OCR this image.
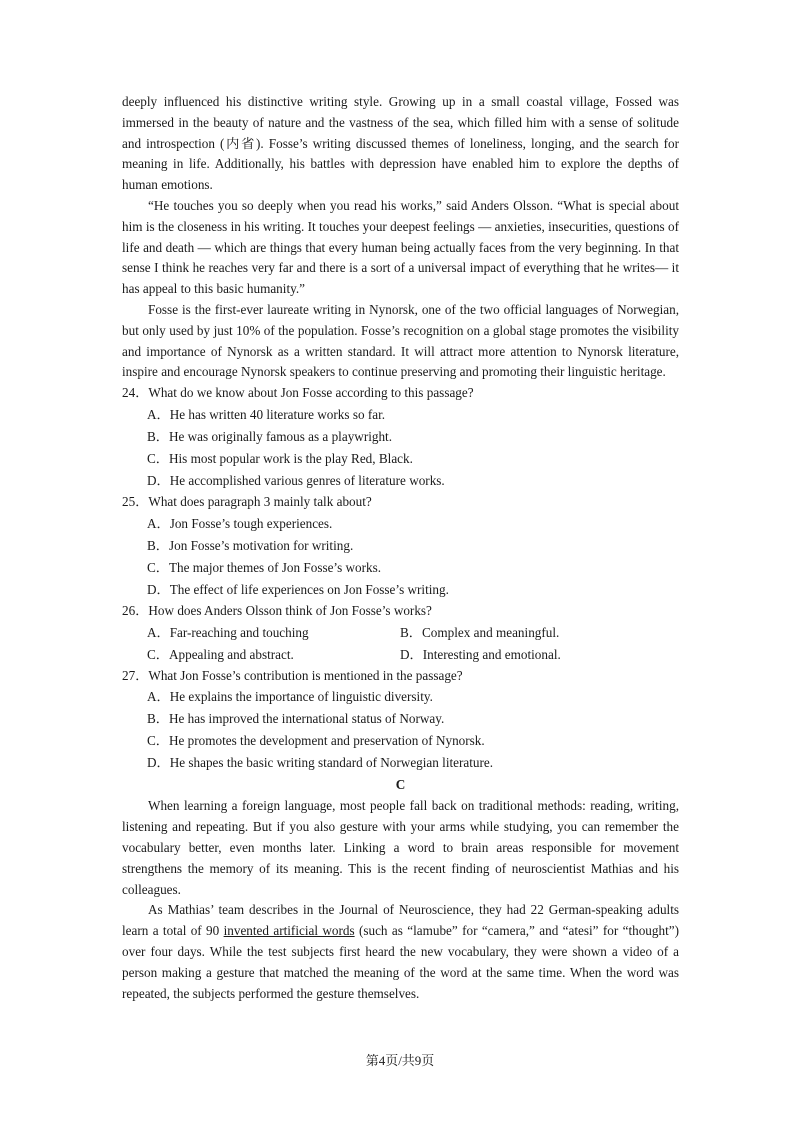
deeply influenced his distinctive writing style. Growing up in a small coastal village, Fossed was immersed in the beauty of nature and the vastness of the sea, which filled him with a sense of solitude and introspection (内省). Fosse’s writing discussed themes of loneliness, longing, and the search for meaning in life. Additionally, his battles with depression have enabled him to explore the depths of human emotions.

“He touches you so deeply when you read his works,” said Anders Olsson. “What is special about him is the closeness in his writing. It touches your deepest feelings — anxieties, insecurities, questions of life and death — which are things that every human being actually faces from the very beginning. In that sense I think he reaches very far and there is a sort of a universal impact of everything that he writes— it has appeal to this basic humanity.”

Fosse is the first-ever laureate writing in Nynorsk, one of the two official languages of Norwegian, but only used by just 10% of the population. Fosse’s recognition on a global stage promotes the visibility and importance of Nynorsk as a written standard. It will attract more attention to Nynorsk literature, inspire and encourage Nynorsk speakers to continue preserving and promoting their linguistic heritage.

24．What do we know about Jon Fosse according to this passage?

A．He has written 40 literature works so far.

B．He was originally famous as a playwright.

C．His most popular work is the play Red, Black.

D．He accomplished various genres of literature works.

25．What does paragraph 3 mainly talk about?

A．Jon Fosse’s tough experiences.

B．Jon Fosse’s motivation for writing.

C．The major themes of Jon Fosse’s works.

D．The effect of life experiences on Jon Fosse’s writing.

26．How does Anders Olsson think of Jon Fosse’s works?

A．Far-reaching and touching	B．Complex and meaningful.
C．Appealing and abstract.	D．Interesting and emotional.

27．What Jon Fosse’s contribution is mentioned in the passage?

A．He explains the importance of linguistic diversity.

B．He has improved the international status of Norway.

C．He promotes the development and preservation of Nynorsk.

D．He shapes the basic writing standard of Norwegian literature.

C

When learning a foreign language, most people fall back on traditional methods: reading, writing, listening and repeating. But if you also gesture with your arms while studying, you can remember the vocabulary better, even months later. Linking a word to brain areas responsible for movement strengthens the memory of its meaning. This is the recent finding of neuroscientist Mathias and his colleagues.

As Mathias’ team describes in the Journal of Neuroscience, they had 22 German-speaking adults learn a total of 90 invented artificial words (such as “lamube” for “camera,” and “atesi” for “thought”) over four days. While the test subjects first heard the new vocabulary, they were shown a video of a person making a gesture that matched the meaning of the word at the same time. When the word was repeated, the subjects performed the gesture themselves.

第4页/共9页
